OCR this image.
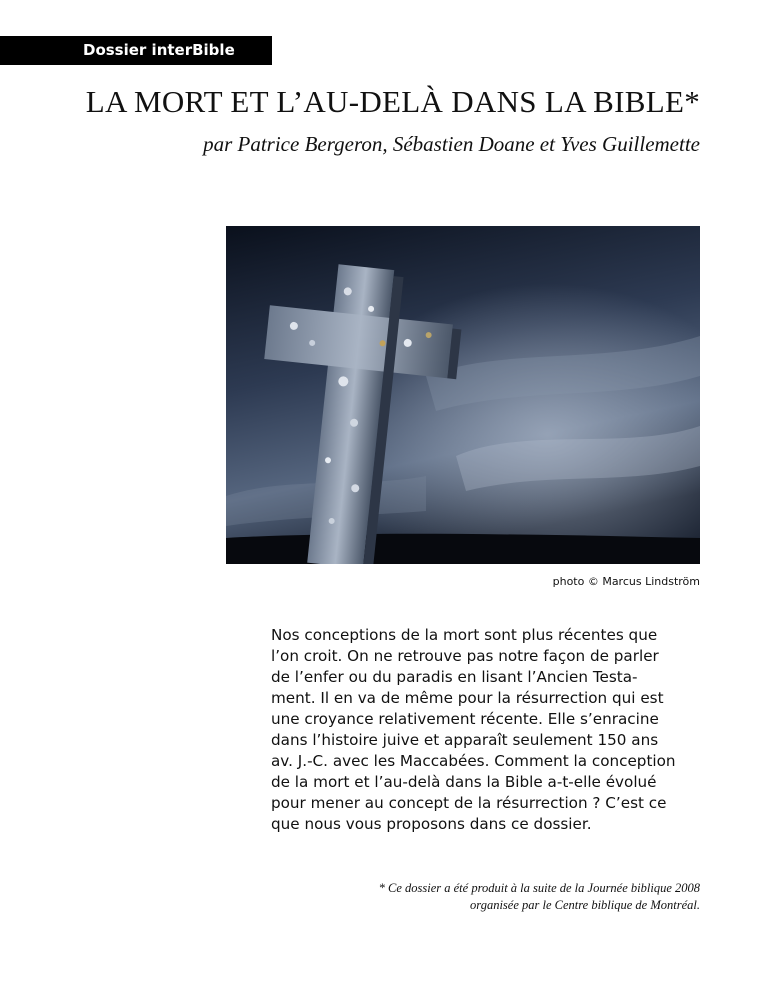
Dossier interBible
LA MORT ET L’AU-DELÀ DANS LA BIBLE*

par Patrice Bergeron, Sébastien Doane et Yves Guillemette

photo © Marcus Lindström

Nos conceptions de la mort sont plus récentes que
l’on croit. On ne retrouve pas notre façon de parler
de l’enfer ou du paradis en lisant l’Ancien Testa-
ment. Il en va de même pour la résurrection qui est
une croyance relativement récente. Elle s’enracine
dans l’histoire juive et apparaît seulement 150 ans
av. J.-C. avec les Maccabées. Comment la conception
de la mort et l’au-delà dans la Bible a-t-elle évolué
pour mener au concept de la résurrection ? C’est ce
que nous vous proposons dans ce dossier.

* Ce dossier a été produit à la suite de la Journée biblique 2008
organisée par le Centre biblique de Montréal.
